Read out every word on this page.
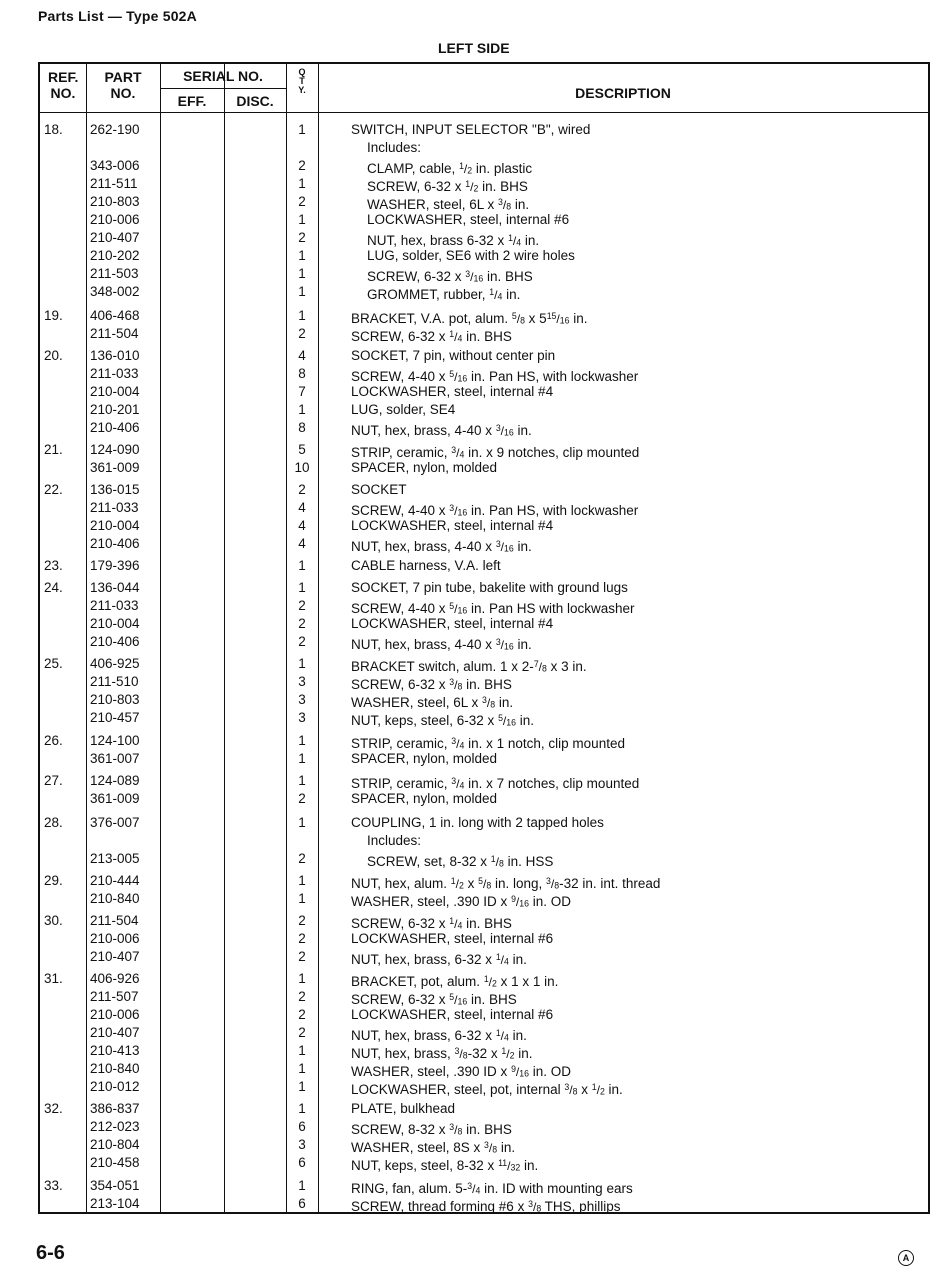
Parts List — Type 502A
LEFT SIDE
REF. NO.
PART NO.
SERIAL NO.
EFF.	DISC.
Q T Y.	DESCRIPTION
18. 262-190	1	SWITCH, INPUT SELECTOR "B", wired
Includes:
343-006	2	CLAMP, cable, $^1/_2$ in. plastic
211-511	1	SCREW, 6-32 x $^1/_2$ in. BHS
210-803	2	WASHER, steel, 6L x $^3/_8$ in.
210-006	1	LOCKWASHER, steel, internal #6
210-407	2	NUT, hex, brass 6-32 x $^1/_4$ in.
210-202	1	LUG, solder, SE6 with 2 wire holes
211-503	1	SCREW, 6-32 x $^3/_{16}$ in. BHS
348-002	1	GROMMET, rubber, $^1/_4$ in.
19. 406-468	1	BRACKET, V.A. pot, alum. $^5/_8$ x $5^{15}/_{16}$ in.
211-504	2	SCREW, 6-32 x $^1/_4$ in. BHS
20. 136-010	4	SOCKET, 7 pin, without center pin
211-033	8	SCREW, 4-40 x $^5/_{16}$ in. Pan HS, with lockwasher
210-004	7	LOCKWASHER, steel, internal #4
210-201	1	LUG, solder, SE4
210-406	8	NUT, hex, brass, 4-40 x $^3/_{16}$ in.
21. 124-090	5	STRIP, ceramic, $^3/_4$ in. x 9 notches, clip mounted
361-009	10	SPACER, nylon, molded
22. 136-015	2	SOCKET
211-033	4	SCREW, 4-40 x $^3/_{16}$ in. Pan HS, with lockwasher
210-004	4	LOCKWASHER, steel, internal #4
210-406	4	NUT, hex, brass, 4-40 x $^3/_{16}$ in.
23. 179-396	1	CABLE harness, V.A. left
24. 136-044	1	SOCKET, 7 pin tube, bakelite with ground lugs
211-033	2	SCREW, 4-40 x $^5/_{16}$ in. Pan HS with lockwasher
210-004	2	LOCKWASHER, steel, internal #4
210-406	2	NUT, hex, brass, 4-40 x $^3/_{16}$ in.
25. 406-925	1	BRACKET switch, alum. 1 x $2-^7/_8$ x 3 in.
211-510	3	SCREW, 6-32 x $^3/_8$ in. BHS
210-803	3	WASHER, steel, 6L x $^3/_8$ in.
210-457	3	NUT, keps, steel, 6-32 x $^5/_{16}$ in.
26. 124-100	1	STRIP, ceramic, $^3/_4$ in. x 1 notch, clip mounted
361-007	1	SPACER, nylon, molded
27. 124-089	1	STRIP, ceramic, $^3/_4$ in. x 7 notches, clip mounted
361-009	2	SPACER, nylon, molded
28. 376-007	1	COUPLING, 1 in. long with 2 tapped holes
Includes:
213-005	2	SCREW, set, 8-32 x $^1/_8$ in. HSS
29. 210-444	1	NUT, hex, alum. $^1/_2$ x $^5/_8$ in. long, $^3/_8-32$ in. int. thread
210-840	1	WASHER, steel, .390 ID x $^9/_{16}$ in. OD
30. 211-504	2	SCREW, 6-32 x $^1/_4$ in. BHS
210-006	2	LOCKWASHER, steel, internal #6
210-407	2	NUT, hex, brass, 6-32 x $^1/_4$ in.
31. 406-926	1	BRACKET, pot, alum. $^1/_2$ x 1 x 1 in.
211-507	2	SCREW, 6-32 x $^5/_{16}$ in. BHS
210-006	2	LOCKWASHER, steel, internal #6
210-407	2	NUT, hex, brass, 6-32 x $^1/_4$ in.
210-413	1	NUT, hex, brass, $^3/_8-32$ x $^1/_2$ in.
210-840	1	WASHER, steel, .390 ID x $^9/_{16}$ in. OD
210-012	1	LOCKWASHER, steel, pot, internal $^3/_8$ x $^1/_2$ in.
32. 386-837	1	PLATE, bulkhead
212-023	6	SCREW, 8-32 x $^3/_8$ in. BHS
210-804	3	WASHER, steel, 8S x $^3/_8$ in.
210-458	6	NUT, keps, steel, 8-32 x $^{11}/_{32}$ in.
33. 354-051	1	RING, fan, alum. $5-^3/_4$ in. ID with mounting ears
213-104	6	SCREW, thread forming #6 x $^3/_8$ THS, phillips
6-6	A
